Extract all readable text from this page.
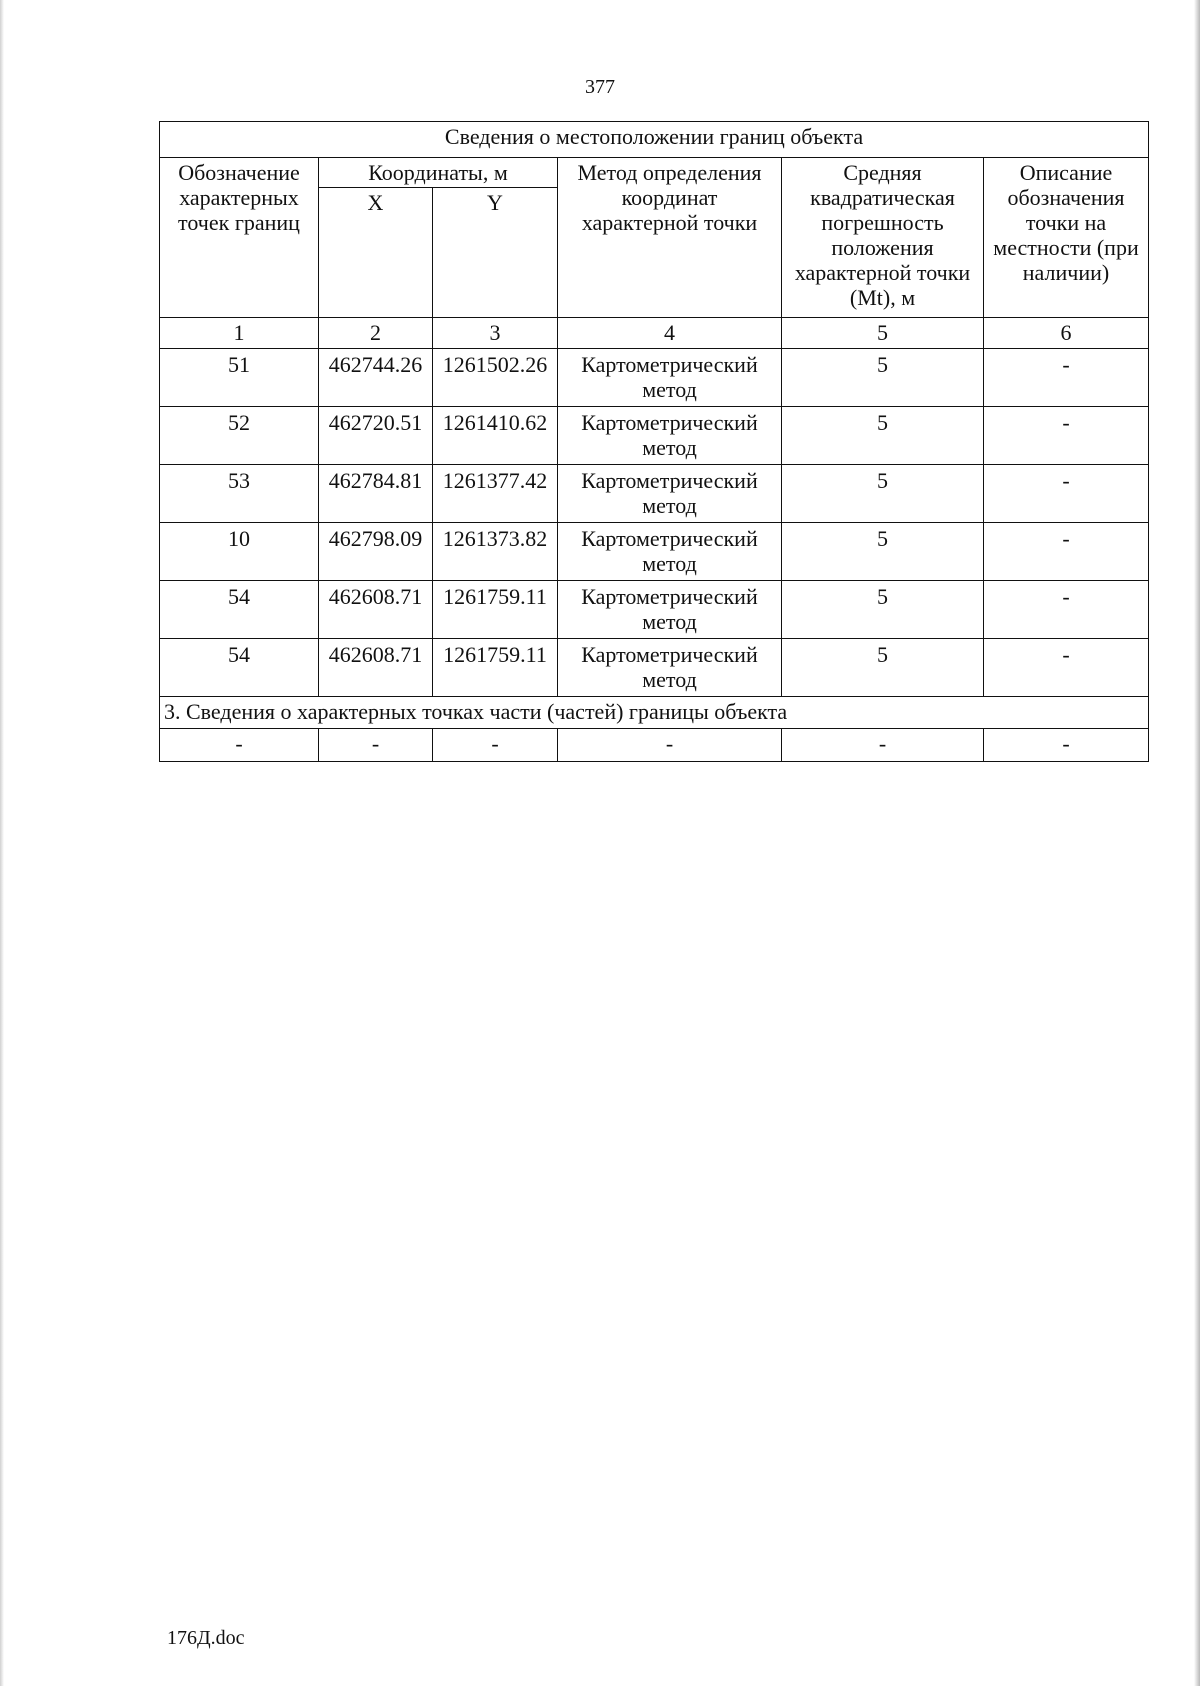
377
Сведения о местоположении границ объекта					
Обозначение характерных точек границ	Координаты, м		Метод определения координат характерной точки	Средняя квадратическая погрешность положения характерной точки (Mt), м	Описание обозначения точки на местности (при наличии)
	X	Y			
1	2	3	4	5	6
51	462744.26	1261502.26	Картометрический метод	5	-
52	462720.51	1261410.62	Картометрический метод	5	-
53	462784.81	1261377.42	Картометрический метод	5	-
10	462798.09	1261373.82	Картометрический метод	5	-
54	462608.71	1261759.11	Картометрический метод	5	-
54	462608.71	1261759.11	Картометрический метод	5	-
3. Сведения о характерных точках части (частей) границы объекта					
-	-	-	-	-	-
176Д.doc
